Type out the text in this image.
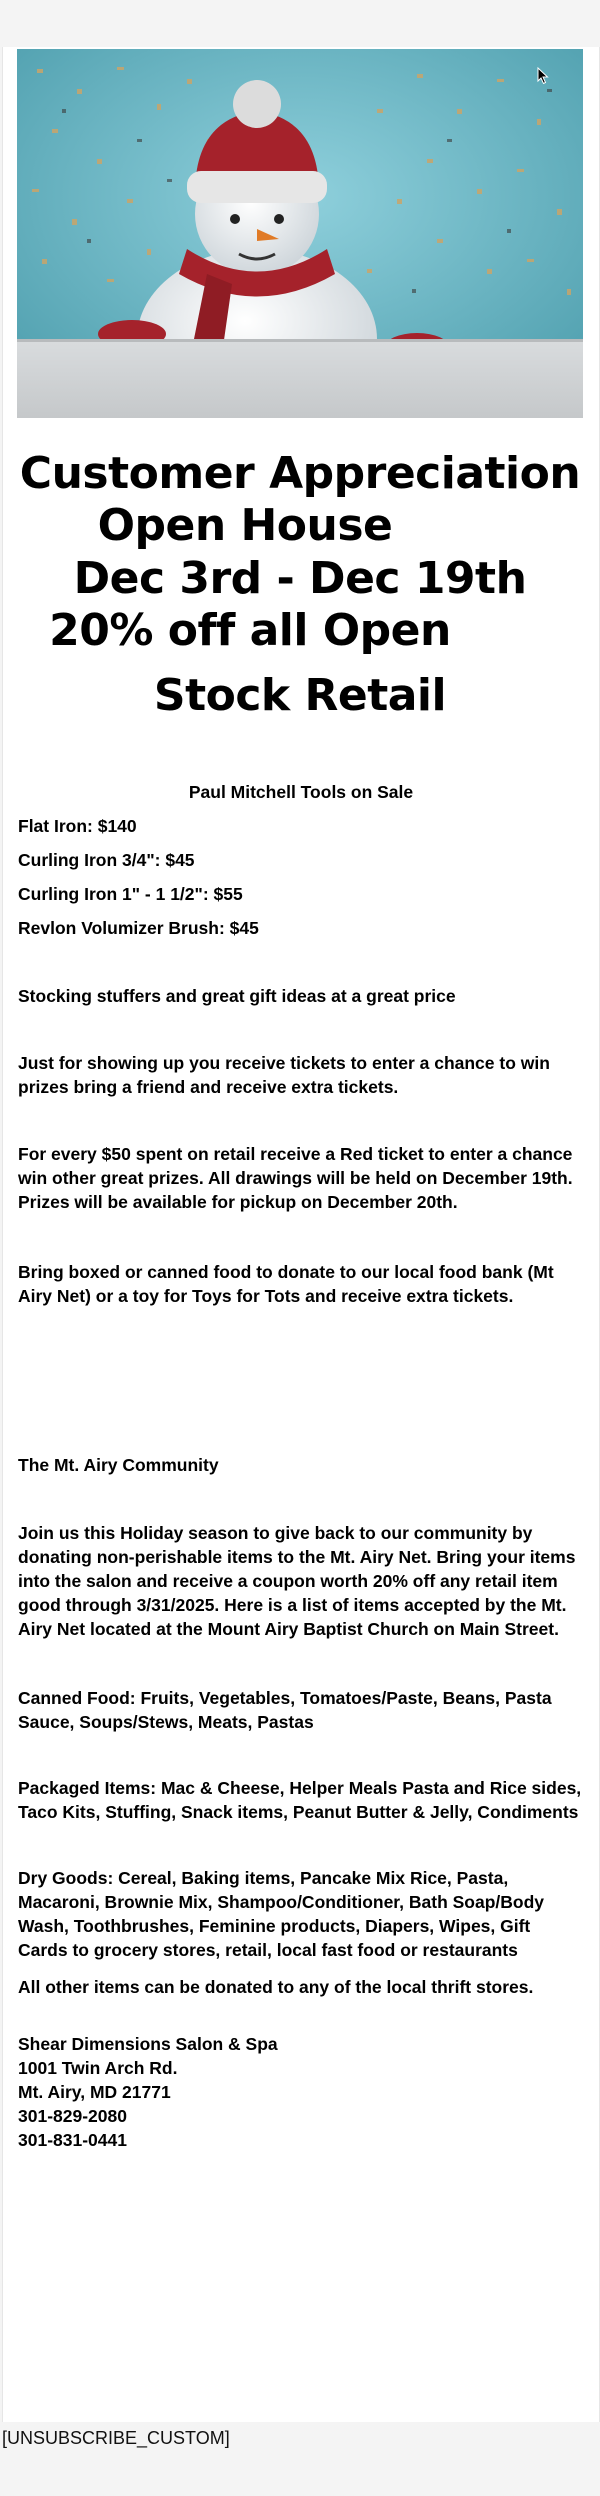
Customer Appreciation
Open House
Dec 3rd - Dec 19th
20% off all Open
Stock Retail
Paul Mitchell Tools on Sale
Flat Iron: $140
Curling Iron 3/4": $45
Curling Iron 1" - 1 1/2": $55
Revlon Volumizer Brush: $45
Stocking stuffers and great gift ideas at a great price
Just for showing up you receive tickets to enter a chance to win prizes bring a friend and receive extra tickets.
For every $50 spent on retail receive a Red ticket to enter a chance win other great prizes. All drawings will be held on December 19th. Prizes will be available for pickup on December 20th.
Bring boxed or canned food to donate to our local food bank (Mt Airy Net) or a toy for Toys for Tots and receive extra tickets.
The Mt. Airy Community
Join us this Holiday season to give back to our community by donating non-perishable items to the Mt. Airy Net. Bring your items into the salon and receive a coupon worth 20% off any retail item good through 3/31/2025. Here is a list of items accepted by the Mt. Airy Net located at the Mount Airy Baptist Church on Main Street.
Canned Food: Fruits, Vegetables, Tomatoes/Paste, Beans, Pasta Sauce, Soups/Stews, Meats, Pastas
Packaged Items: Mac & Cheese, Helper Meals Pasta and Rice sides, Taco Kits, Stuffing, Snack items, Peanut Butter & Jelly, Condiments
Dry Goods: Cereal, Baking items, Pancake Mix Rice, Pasta, Macaroni, Brownie Mix, Shampoo/Conditioner, Bath Soap/Body Wash, Toothbrushes, Feminine products, Diapers, Wipes, Gift Cards to grocery stores, retail, local fast food or restaurants
All other items can be donated to any of the local thrift stores.
Shear Dimensions Salon & Spa
1001 Twin Arch Rd.
Mt. Airy, MD 21771
301-829-2080
301-831-0441
[UNSUBSCRIBE_CUSTOM]
